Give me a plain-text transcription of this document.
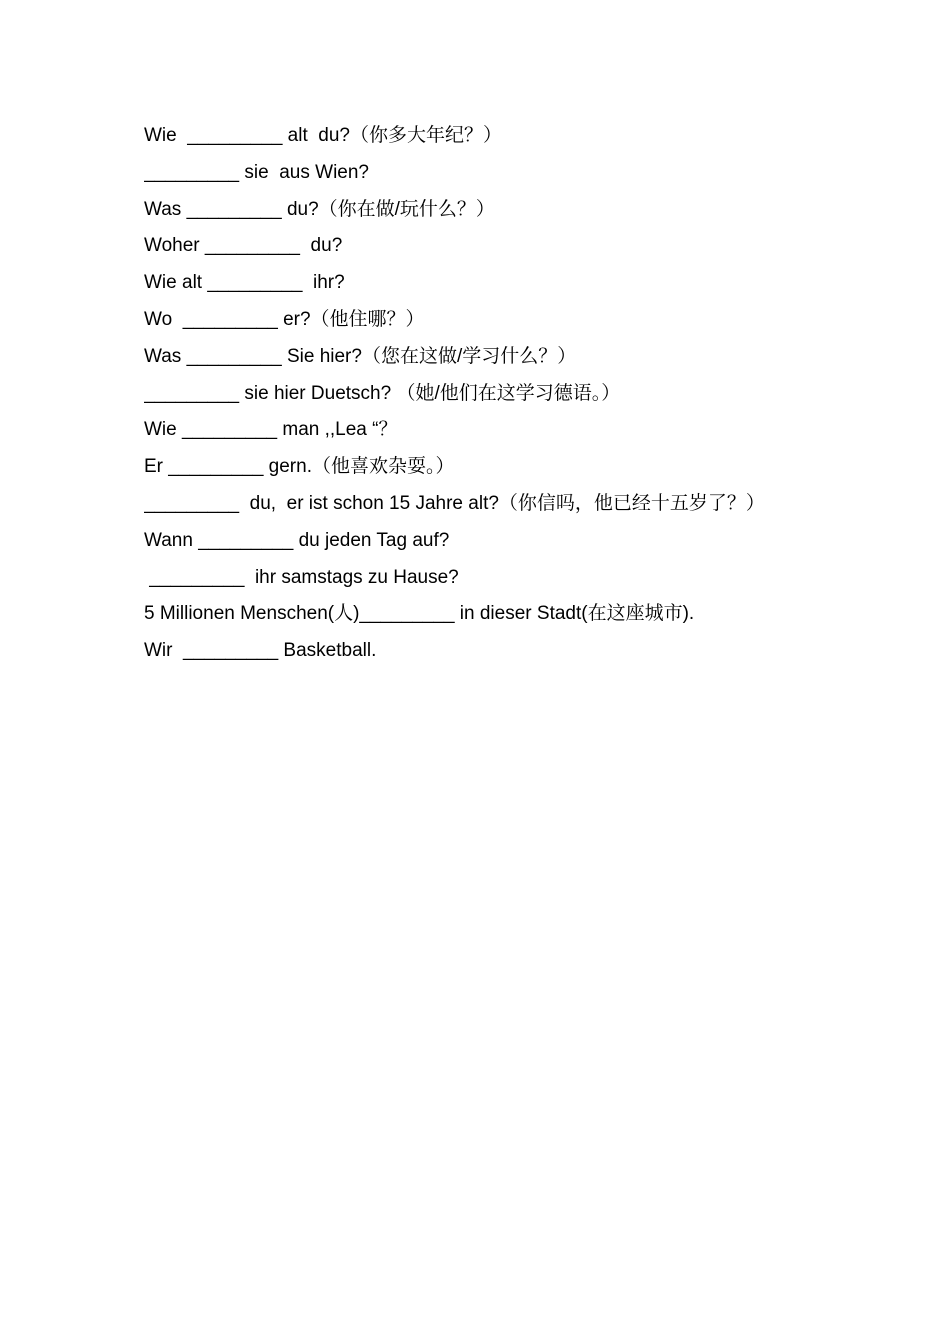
Wie  _________ alt  du?（你多大年纪？）
_________ sie  aus Wien?
Was _________ du?（你在做/玩什么？）
Woher _________  du?
Wie alt _________  ihr?
Wo  _________ er?（他住哪？）
Was _________ Sie hier?（您在这做/学习什么？）
_________ sie hier Duetsch? （她/他们在这学习德语。）
Wie _________ man ,,Lea “？
Er _________ gern.（他喜欢杂耍。）
_________  du,  er ist schon 15 Jahre alt?（你信吗，他已经十五岁了？）
Wann _________ du jeden Tag auf?
_________  ihr samstags zu Hause?
5 Millionen Menschen(人)_________ in dieser Stadt(在这座城市).
Wir  _________ Basketball.
